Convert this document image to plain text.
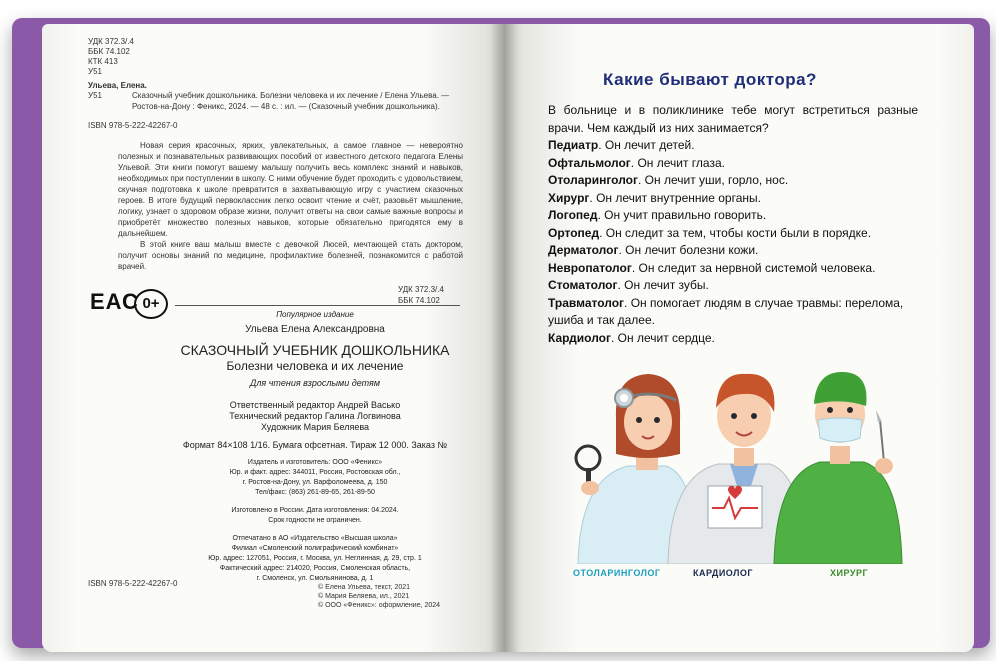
УДК 372.3/.4
ББК 74.102
КТК 413
У51
Ульева, Елена.
У51	Сказочный учебник дошкольника. Болезни человека и их лечение / Елена Ульева. — Ростов-на-Дону : Феникс, 2024. — 48 с. : ил. — (Сказочный учебник дошкольника).
ISBN 978-5-222-42267-0

Новая серия красочных, ярких, увлекательных, а самое главное — невероятно полезных и познавательных развивающих пособий от известного детского педагога Елены Ульевой. Эти книги помогут вашему малышу получить весь комплекс знаний и навыков, необходимых при поступлении в школу. С ними обучение будет проходить с удовольствием, скучная подготовка к школе превратится в захватывающую игру с участием сказочных героев. В итоге будущий первоклассник легко освоит чтение и счёт, разовьёт мышление, логику, узнает о здоровом образе жизни, получит ответы на свои самые важные вопросы и приобретёт множество полезных навыков, которые обязательно пригодятся ему в дальнейшем.

В этой книге ваш малыш вместе с девочкой Люсей, мечтающей стать доктором, получит основы знаний по медицине, профилактике болезней, познакомится с работой врачей.

УДК 372.3/.4
ББК 74.102
ЕАС 0+
Популярное издание
Ульева Елена Александровна
СКАЗОЧНЫЙ УЧЕБНИК ДОШКОЛЬНИКА
Болезни человека и их лечение
Для чтения взрослыми детям
Ответственный редактор Андрей Васько
Технический редактор Галина Логвинова
Художник Мария Беляева
Формат 84×108 1/16. Бумага офсетная. Тираж 12 000. Заказ №
Издатель и изготовитель: ООО «Феникс»
Юр. и факт. адрес: 344011, Россия, Ростовская обл.,
г. Ростов-на-Дону, ул. Варфоломеева, д. 150
Тел/факс: (863) 261-89-65, 261-89-50
Изготовлено в России. Дата изготовления: 04.2024.
Срок годности не ограничен.
Отпечатано в АО «Издательство «Высшая школа»
Филиал «Смоленский полиграфический комбинат»
Юр. адрес: 127051, Россия, г. Москва, ул. Неглинная, д. 29, стр. 1
Фактический адрес: 214020, Россия, Смоленская область,
г. Смоленск, ул. Смольянинова, д. 1
ISBN 978-5-222-42267-0	© Елена Ульева, текст, 2021
© Мария Беляева, ил., 2021
© ООО «Феникс»: оформление, 2024
Какие бывают доктора?
В больнице и в поликлинике тебе могут встретиться разные врачи. Чем каждый из них занимается?
Педиатр. Он лечит детей.
Офтальмолог. Он лечит глаза.
Отоларинголог. Он лечит уши, горло, нос.
Хирург. Он лечит внутренние органы.
Логопед. Он учит правильно говорить.
Ортопед. Он следит за тем, чтобы кости были в порядке.
Дерматолог. Он лечит болезни кожи.
Невропатолог. Он следит за нервной системой человека.
Стоматолог. Он лечит зубы.
Травматолог. Он помогает людям в случае травмы: перелома, ушиба и так далее.
Кардиолог. Он лечит сердце.
ОТОЛАРИНГОЛОГ	КАРДИОЛОГ	ХИРУРГ
